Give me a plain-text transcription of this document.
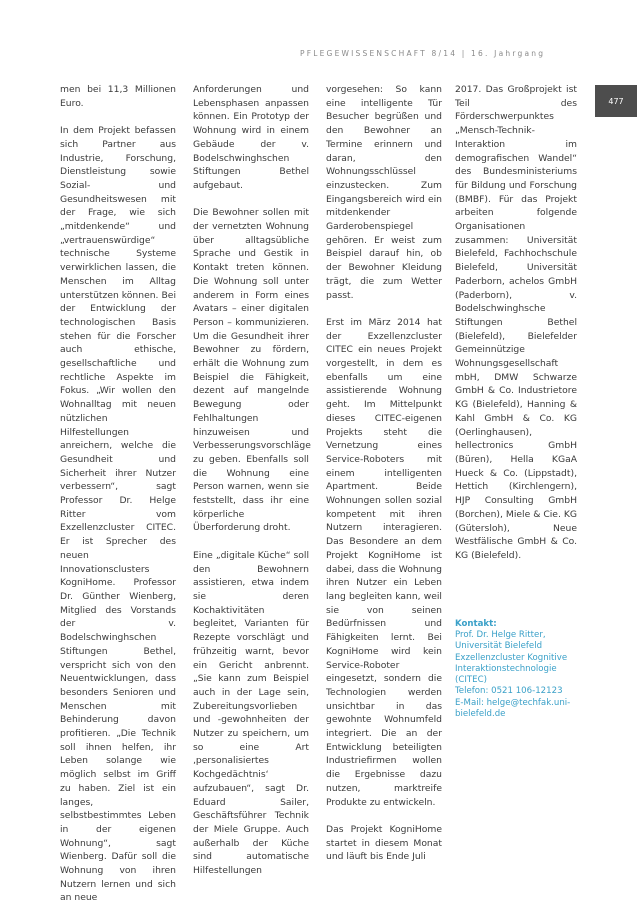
PFLEGEWISSENSCHAFT 8/14 | 16. Jahrgang
477

men bei 11,3 Millionen Euro.

In dem Projekt befassen sich Partner aus Industrie, Forschung, Dienstleistung sowie Sozial- und Gesundheitswesen mit der Frage, wie sich „mitdenkende“ und „vertrauenswürdige“ technische Systeme verwirklichen lassen, die Menschen im Alltag unterstützen können. Bei der Entwicklung der technologischen Basis stehen für die Forscher auch ethische, gesellschaftliche und rechtliche Aspekte im Fokus. „Wir wollen den Wohnalltag mit neuen nützlichen Hilfestellungen anreichern, welche die Gesundheit und Sicherheit ihrer Nutzer verbessern“, sagt Professor Dr. Helge Ritter vom Exzellenzcluster CITEC. Er ist Sprecher des neuen Innovationsclusters KogniHome. Professor Dr. Günther Wienberg, Mitglied des Vorstands der v. Bodelschwinghschen Stiftungen Bethel, verspricht sich von den Neuentwicklungen, dass besonders Senioren und Menschen mit Behinderung davon profitieren. „Die Technik soll ihnen helfen, ihr Leben solange wie möglich selbst im Griff zu haben. Ziel ist ein langes, selbstbestimmtes Leben in der eigenen Wohnung“, sagt Wienberg. Dafür soll die Wohnung von ihren Nutzern lernen und sich an neue

Anforderungen und Lebensphasen anpassen können. Ein Prototyp der Wohnung wird in einem Gebäude der v. Bodelschwinghschen Stiftungen Bethel aufgebaut.

Die Bewohner sollen mit der vernetzten Wohnung über alltagsübliche Sprache und Gestik in Kontakt treten können. Die Wohnung soll unter anderem in Form eines Avatars – einer digitalen Person – kommunizieren. Um die Gesundheit ihrer Bewohner zu fördern, erhält die Wohnung zum Beispiel die Fähigkeit, dezent auf mangelnde Bewegung oder Fehlhaltungen hinzuweisen und Verbesserungsvorschläge zu geben. Ebenfalls soll die Wohnung eine Person warnen, wenn sie feststellt, dass ihr eine körperliche Überforderung droht.

Eine „digitale Küche“ soll den Bewohnern assistieren, etwa indem sie deren Kochaktivitäten begleitet, Varianten für Rezepte vorschlägt und frühzeitig warnt, bevor ein Gericht anbrennt. „Sie kann zum Beispiel auch in der Lage sein, Zubereitungsvorlieben und -gewohnheiten der Nutzer zu speichern, um so eine Art ‚personalisiertes Kochgedächtnis‘ aufzubauen“, sagt Dr. Eduard Sailer, Geschäftsführer Technik der Miele Gruppe. Auch außerhalb der Küche sind automatische Hilfestellungen

vorgesehen: So kann eine intelligente Tür Besucher begrüßen und den Bewohner an Termine erinnern und daran, den Wohnungsschlüssel einzustecken. Zum Eingangsbereich wird ein mitdenkender Garderobenspiegel gehören. Er weist zum Beispiel darauf hin, ob der Bewohner Kleidung trägt, die zum Wetter passt.

Erst im März 2014 hat der Exzellenzcluster CITEC ein neues Projekt vorgestellt, in dem es ebenfalls um eine assistierende Wohnung geht. Im Mittelpunkt dieses CITEC-eigenen Projekts steht die Vernetzung eines Service-Roboters mit einem intelligenten Apartment. Beide Wohnungen sollen sozial kompetent mit ihren Nutzern interagieren. Das Besondere an dem Projekt KogniHome ist dabei, dass die Wohnung ihren Nutzer ein Leben lang begleiten kann, weil sie von seinen Bedürfnissen und Fähigkeiten lernt. Bei KogniHome wird kein Service-Roboter eingesetzt, sondern die Technologien werden unsichtbar in das gewohnte Wohnumfeld integriert. Die an der Entwicklung beteiligten Industriefirmen wollen die Ergebnisse dazu nutzen, marktreife Produkte zu entwickeln.

Das Projekt KogniHome startet in diesem Monat und läuft bis Ende Juli

2017. Das Großprojekt ist Teil des Förderschwerpunktes „Mensch-Technik-Interaktion im demografischen Wandel“ des Bundesministeriums für Bildung und Forschung (BMBF). Für das Projekt arbeiten folgende Organisationen zusammen: Universität Bielefeld, Fachhochschule Bielefeld, Universität Paderborn, achelos GmbH (Paderborn), v. Bodelschwinghsche Stiftungen Bethel (Bielefeld), Bielefelder Gemeinnützige Wohnungsgesellschaft mbH, DMW Schwarze GmbH & Co. Industrietore KG (Bielefeld), Hanning & Kahl GmbH & Co. KG (Oerlinghausen), hellectronics GmbH (Büren), Hella KGaA Hueck & Co. (Lippstadt), Hettich (Kirchlengern), HJP Consulting GmbH (Borchen), Miele & Cie. KG (Gütersloh), Neue Westfälische GmbH & Co. KG (Bielefeld).

Kontakt:
Prof. Dr. Helge Ritter, Universität Bielefeld
Exzellenzcluster Kognitive Interaktionstechnologie (CITEC)
Telefon: 0521 106-12123
E-Mail: helge@techfak.uni-bielefeld.de
